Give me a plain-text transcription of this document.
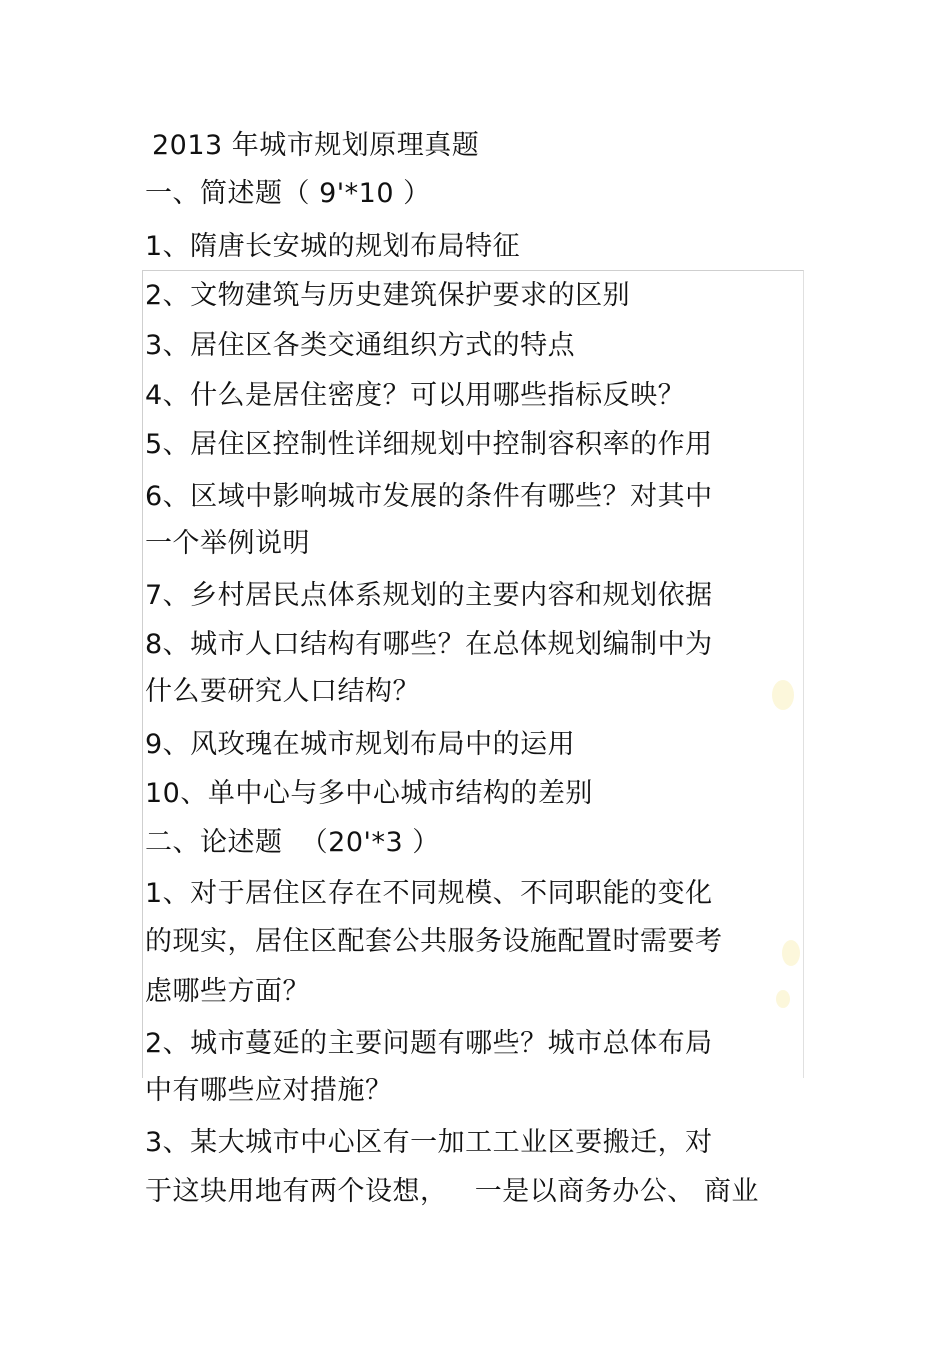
2013 年城市规划原理真题
一、简述题（ 9'*10 ）
1、隋唐长安城的规划布局特征
2、文物建筑与历史建筑保护要求的区别
3、居住区各类交通组织方式的特点
4、什么是居住密度？可以用哪些指标反映？
5、居住区控制性详细规划中控制容积率的作用
6、区域中影响城市发展的条件有哪些？对其中
一个举例说明
7、乡村居民点体系规划的主要内容和规划依据
8、城市人口结构有哪些？在总体规划编制中为
什么要研究人口结构？
9、风玫瑰在城市规划布局中的运用
10、单中心与多中心城市结构的差别
二、论述题  （20'*3 ）
1、对于居住区存在不同规模、不同职能的变化
的现实，居住区配套公共服务设施配置时需要考
虑哪些方面？
2、城市蔓延的主要问题有哪些？城市总体布局
中有哪些应对措施？
3、某大城市中心区有一加工工业区要搬迁，对
于这块用地有两个设想，   一是以商务办公、 商业
